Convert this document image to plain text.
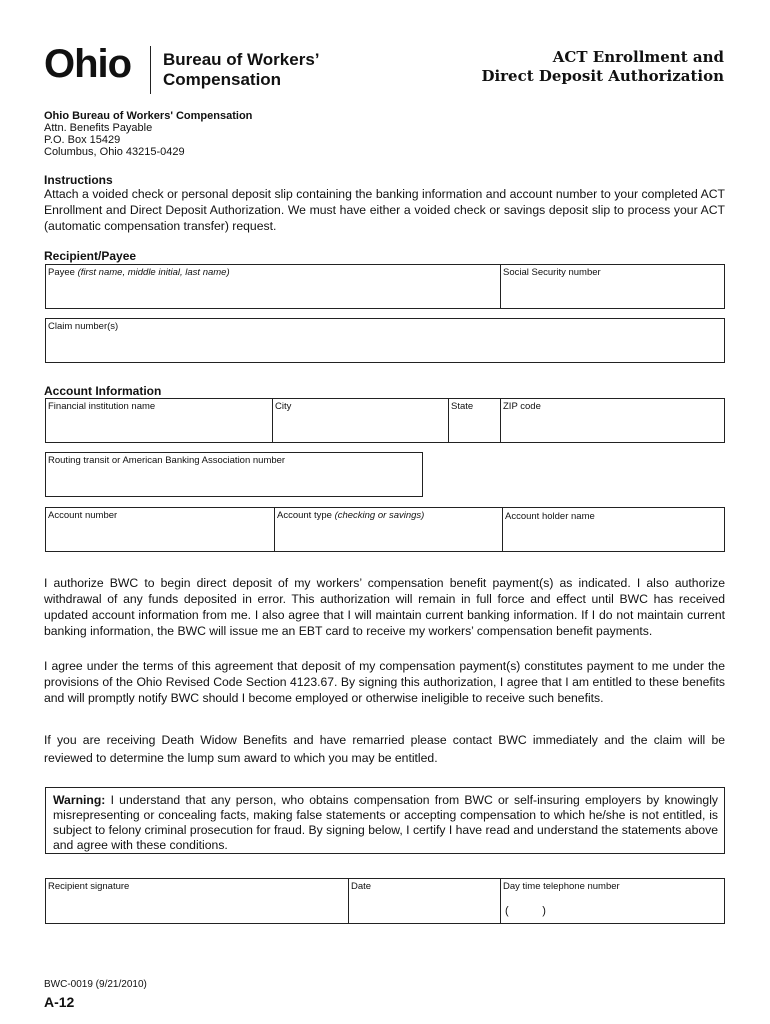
Ohio Bureau of Workers’
Compensation
ACT Enrollment and
Direct Deposit Authorization
Ohio Bureau of Workers' Compensation
Attn. Benefits Payable
P.O. Box 15429
Columbus, Ohio 43215-0429
Instructions
Attach a voided check or personal deposit slip containing the banking information and account number to your completed ACT Enrollment and Direct Deposit Authorization. We must have either a voided check or savings deposit slip to process your ACT (automatic compensation transfer) request.
Recipient/Payee
Payee (first name, middle initial, last name)	Social Security number
Claim number(s)
Account Information
Financial institution name	City	State	ZIP code
Routing transit or American Banking Association number
Account number	Account type (checking or savings)	Account holder name
I authorize BWC to begin direct deposit of my workers’ compensation benefit payment(s) as indicated. I also authorize withdrawal of any funds deposited in error. This authorization will remain in full force and effect until BWC has received updated account information from me. I also agree that I will maintain current banking information. If I do not maintain current banking information, the BWC will issue me an EBT card to receive my workers’ compensation benefit payments.
I agree under the terms of this agreement that deposit of my compensation payment(s) constitutes payment to me under the provisions of the Ohio Revised Code Section 4123.67. By signing this authorization, I agree that I am entitled to these benefits and will promptly notify BWC should I become employed or otherwise ineligible to receive such benefits.
If you are receiving Death Widow Benefits and have remarried please contact BWC immediately and the claim will be reviewed to determine the lump sum award to which you may be entitled.
Warning: I understand that any person, who obtains compensation from BWC or self-insuring employers by knowingly misrepresenting or concealing facts, making false statements or accepting compensation to which he/she is not entitled, is subject to felony criminal prosecution for fraud. By signing below, I certify I have read and understand the statements above and agree with these conditions.
Recipient signature	Date	Day time telephone number
(           )
BWC-0019 (9/21/2010)
A-12
